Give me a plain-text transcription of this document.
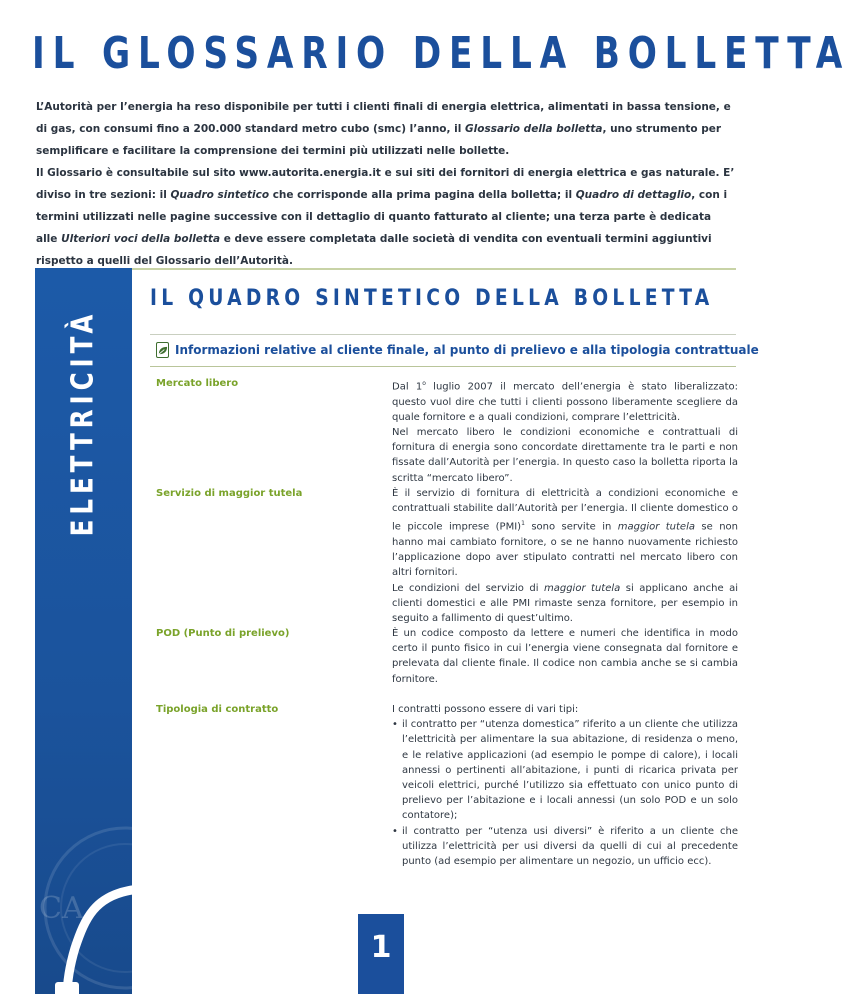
IL GLOSSARIO DELLA BOLLETTA

L’Autorità per l’energia ha reso disponibile per tutti i clienti finali di energia elettrica, alimentati in bassa tensione, e di gas, con consumi fino a 200.000 standard metro cubo (smc) l’anno, il Glossario della bolletta, uno strumento per semplificare e facilitare la comprensione dei termini più utilizzati nelle bollette.

Il Glossario è consultabile sul sito www.autorita.energia.it e sui siti dei fornitori di energia elettrica e gas naturale. E’ diviso in tre sezioni: il Quadro sintetico che corrisponde alla prima pagina della bolletta; il Quadro di dettaglio, con i termini utilizzati nelle pagine successive con il dettaglio di quanto fatturato al cliente; una terza parte è dedicata alle Ulteriori voci della bolletta e deve essere completata dalle società di vendita con eventuali termini aggiuntivi rispetto a quelli del Glossario dell’Autorità.

ELETTRICITÀ
CA
IL QUADRO SINTETICO DELLA BOLLETTA
Informazioni relative al cliente finale, al punto di prelievo e alla tipologia contrattuale
Mercato libero	Dal 1$^o$ luglio 2007 il mercato dell’energia è stato liberalizzato: questo vuol dire che tutti i clienti possono liberamente scegliere da quale fornitore e a quali condizioni, comprare l’elettricità.

Nel mercato libero le condizioni economiche e contrattuali di fornitura di energia sono concordate direttamente tra le parti e non fissate dall’Autorità per l’energia. In questo caso la bolletta riporta la scritta “mercato libero”.

Servizio di maggior tutela	È il servizio di fornitura di elettricità a condizioni economiche e contrattuali stabilite dall’Autorità per l’energia. Il cliente domestico o le piccole imprese (PMI)$^1$ sono servite in maggior tutela se non hanno mai cambiato fornitore, o se ne hanno nuovamente richiesto l’applicazione dopo aver stipulato contratti nel mercato libero con altri fornitori.

Le condizioni del servizio di maggior tutela si applicano anche ai clienti domestici e alle PMI rimaste senza fornitore, per esempio in seguito a fallimento di quest’ultimo.

POD (Punto di prelievo)	È un codice composto da lettere e numeri che identifica in modo certo il punto fisico in cui l’energia viene consegnata dal fornitore e prelevata dal cliente finale. Il codice non cambia anche se si cambia fornitore.

Tipologia di contratto	I contratti possono essere di vari tipi:

• il contratto per “utenza domestica” riferito a un cliente che utilizza l’elettricità per alimentare la sua abitazione, di residenza o meno, e le relative applicazioni (ad esempio le pompe di calore), i locali annessi o pertinenti all’abitazione, i punti di ricarica privata per veicoli elettrici, purché l’utilizzo sia effettuato con unico punto di prelievo per l’abitazione e i locali annessi (un solo POD e un solo contatore);
• il contratto per “utenza usi diversi” è riferito a un cliente che utilizza l’elettricità per usi diversi da quelli di cui al precedente punto (ad esempio per alimentare un negozio, un ufficio ecc).
1
